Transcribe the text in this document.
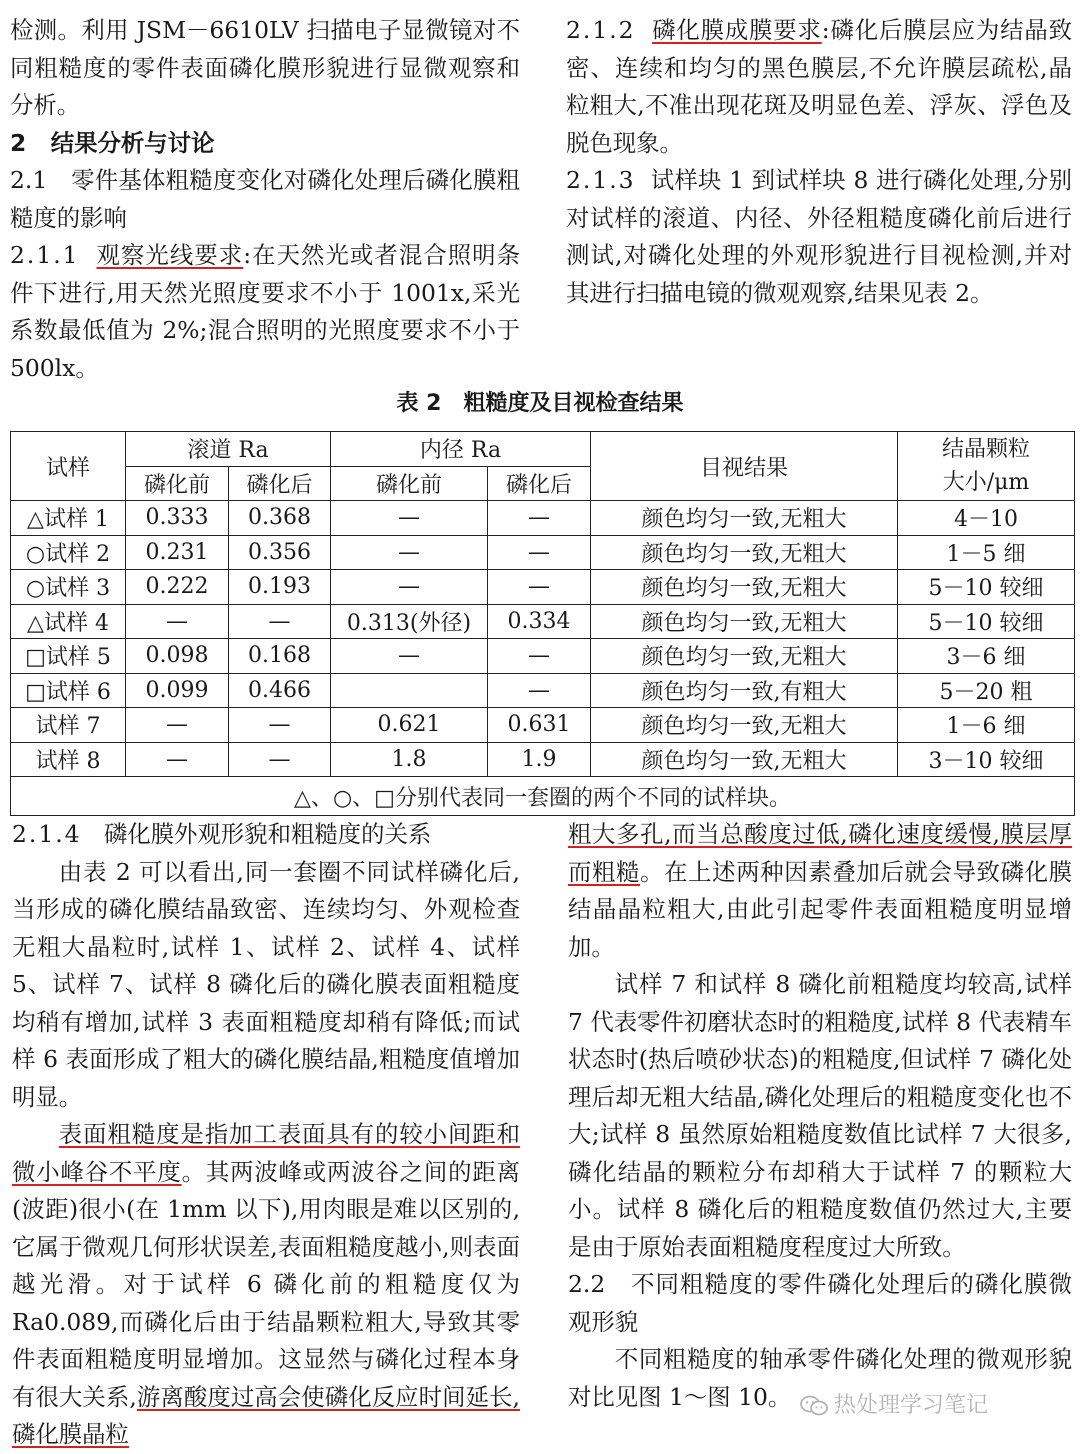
检测。利用 JSM－6610LV 扫描电子显微镜对不同粗糙度的零件表面磷化膜形貌进行显微观察和分析。

2 结果分析与讨论

2.1　零件基体粗糙度变化对磷化处理后磷化膜粗糙度的影响

2.1.1 观察光线要求:在天然光或者混合照明条件下进行,用天然光照度要求不小于 1001x,采光系数最低值为 2%;混合照明的光照度要求不小于 500lx。

2.1.2 磷化膜成膜要求:磷化后膜层应为结晶致密、连续和均匀的黑色膜层,不允许膜层疏松,晶粒粗大,不准出现花斑及明显色差、浮灰、浮色及脱色现象。

2.1.3 试样块 1 到试样块 8 进行磷化处理,分别对试样的滚道、内径、外径粗糙度磷化前后进行测试,对磷化处理的外观形貌进行目视检测,并对其进行扫描电镜的微观观察,结果见表 2。

表 2　粗糙度及目视检查结果
试样	滚道 Ra		内径 Ra		目视结果	结晶颗粒
大小/μm
	磷化前	磷化后	磷化前	磷化后		
△试样 1	0.333	0.368	—	—	颜色均匀一致,无粗大	4－10
○试样 2	0.231	0.356	—	—	颜色均匀一致,无粗大	1－5 细
○试样 3	0.222	0.193	—	—	颜色均匀一致,无粗大	5－10 较细
△试样 4	—	—	0.313(外径)	0.334	颜色均匀一致,无粗大	5－10 较细
□试样 5	0.098	0.168	—	—	颜色均匀一致,无粗大	3－6 细
□试样 6	0.099	0.466		—	颜色均匀一致,有粗大	5－20 粗
试样 7	—	—	0.621	0.631	颜色均匀一致,无粗大	1－6 细
试样 8	—	—	1.8	1.9	颜色均匀一致,无粗大	3－10 较细
△、○、□分别代表同一套圈的两个不同的试样块。						

2.1.4 磷化膜外观形貌和粗糙度的关系

由表 2 可以看出,同一套圈不同试样磷化后,当形成的磷化膜结晶致密、连续均匀、外观检查无粗大晶粒时,试样 1、试样 2、试样 4、试样 5、试样 7、试样 8 磷化后的磷化膜表面粗糙度均稍有增加,试样 3 表面粗糙度却稍有降低;而试样 6 表面形成了粗大的磷化膜结晶,粗糙度值增加明显。

表面粗糙度是指加工表面具有的较小间距和微小峰谷不平度。其两波峰或两波谷之间的距离(波距)很小(在 1mm 以下),用肉眼是难以区别的,它属于微观几何形状误差,表面粗糙度越小,则表面越光滑。对于试样 6 磷化前的粗糙度仅为 Ra0.089,而磷化后由于结晶颗粒粗大,导致其零件表面粗糙度明显增加。这显然与磷化过程本身有很大关系,游离酸度过高会使磷化反应时间延长,磷化膜晶粒

粗大多孔,而当总酸度过低,磷化速度缓慢,膜层厚而粗糙。在上述两种因素叠加后就会导致磷化膜结晶晶粒粗大,由此引起零件表面粗糙度明显增加。

试样 7 和试样 8 磷化前粗糙度均较高,试样 7 代表零件初磨状态时的粗糙度,试样 8 代表精车状态时(热后喷砂状态)的粗糙度,但试样 7 磷化处理后却无粗大结晶,磷化处理后的粗糙度变化也不大;试样 8 虽然原始粗糙度数值比试样 7 大很多,磷化结晶的颗粒分布却稍大于试样 7 的颗粒大小。试样 8 磷化后的粗糙度数值仍然过大,主要是由于原始表面粗糙度程度过大所致。

2.2　不同粗糙度的零件磷化处理后的磷化膜微观形貌

不同粗糙度的轴承零件磷化处理的微观形貌对比见图 1～图 10。	热处理学习笔记
